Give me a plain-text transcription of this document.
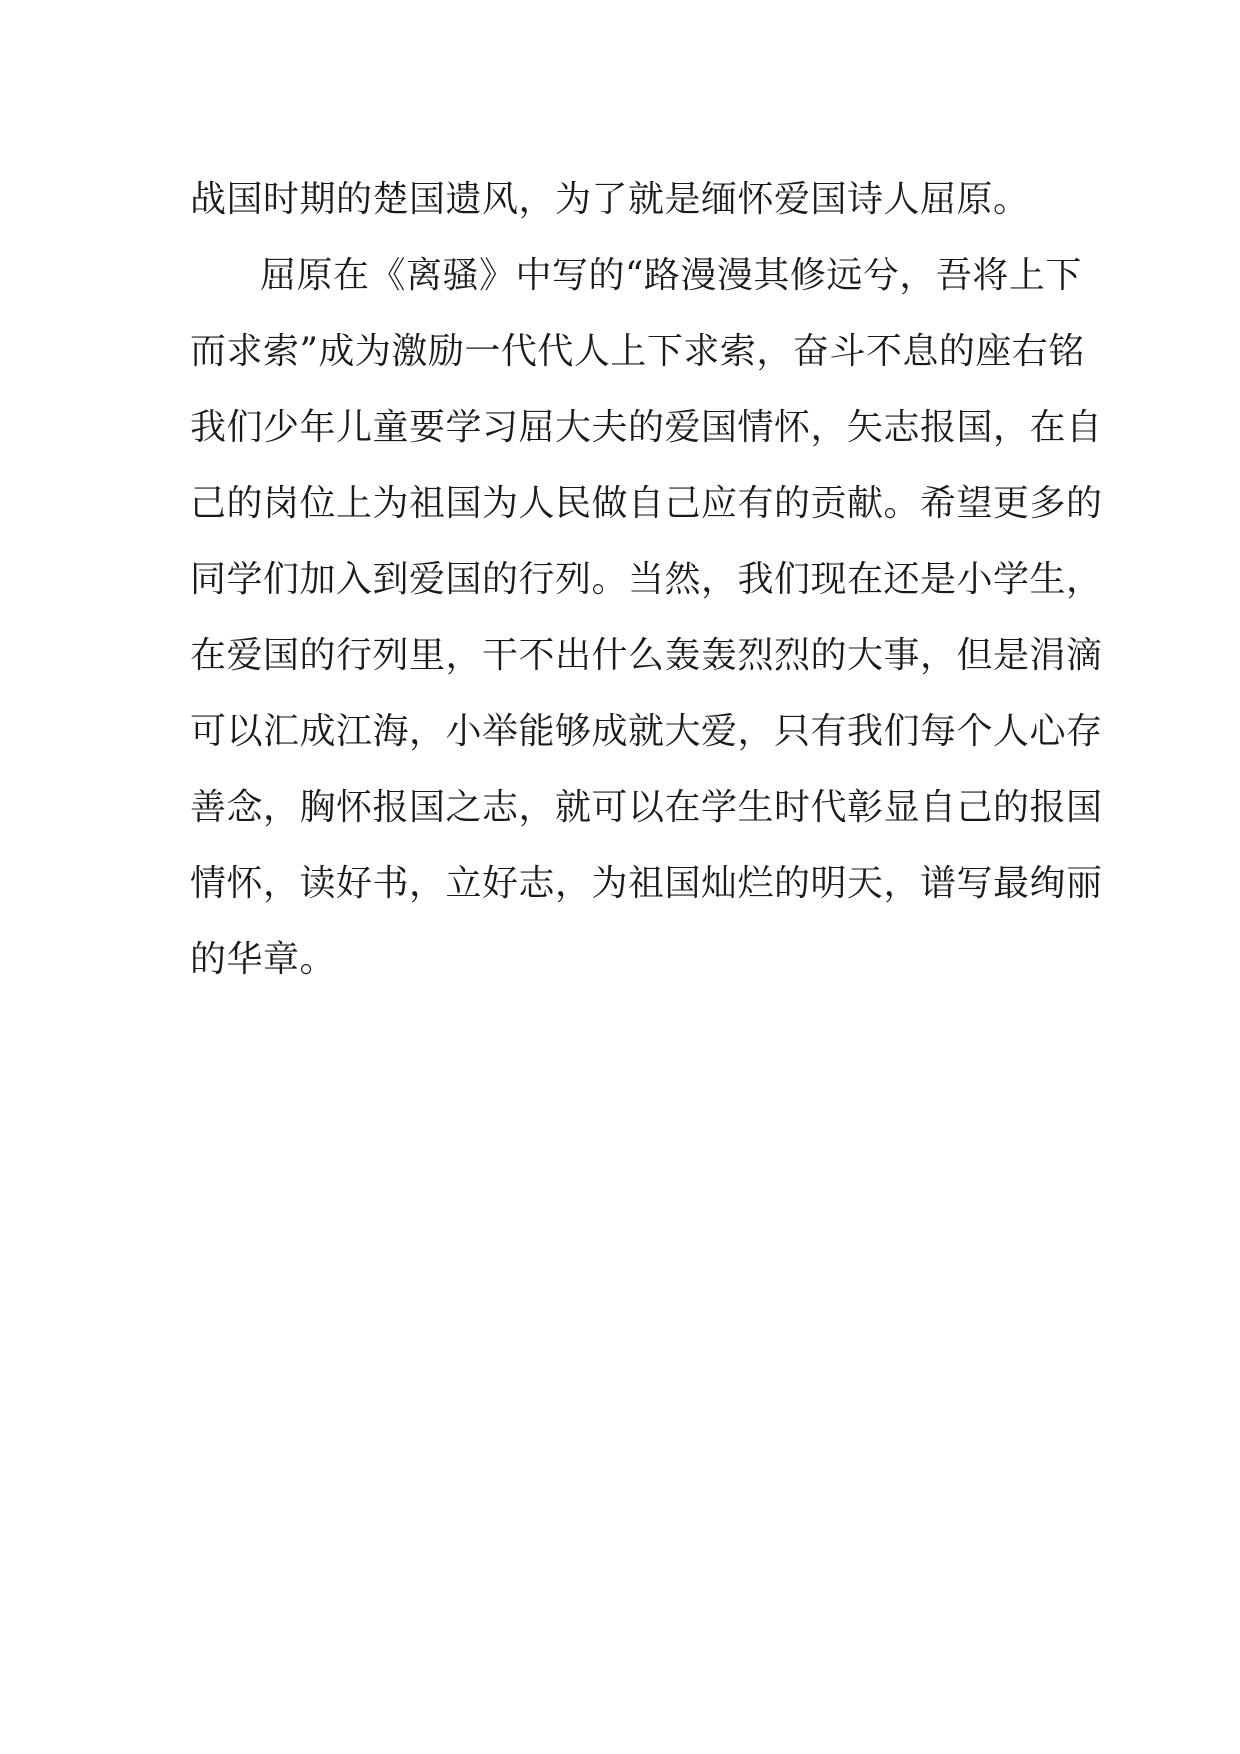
战国时期的楚国遗风，为了就是缅怀爱国诗人屈原。
屈原在《离骚》中写的“路漫漫其修远兮，吾将上下
而求索”成为激励一代代人上下求索，奋斗不息的座右铭
我们少年儿童要学习屈大夫的爱国情怀，矢志报国，在自
己的岗位上为祖国为人民做自己应有的贡献。希望更多的
同学们加入到爱国的行列。当然，我们现在还是小学生，
在爱国的行列里，干不出什么轰轰烈烈的大事，但是涓滴
可以汇成江海，小举能够成就大爱，只有我们每个人心存
善念，胸怀报国之志，就可以在学生时代彰显自己的报国
情怀，读好书，立好志，为祖国灿烂的明天，谱写最绚丽
的华章。
